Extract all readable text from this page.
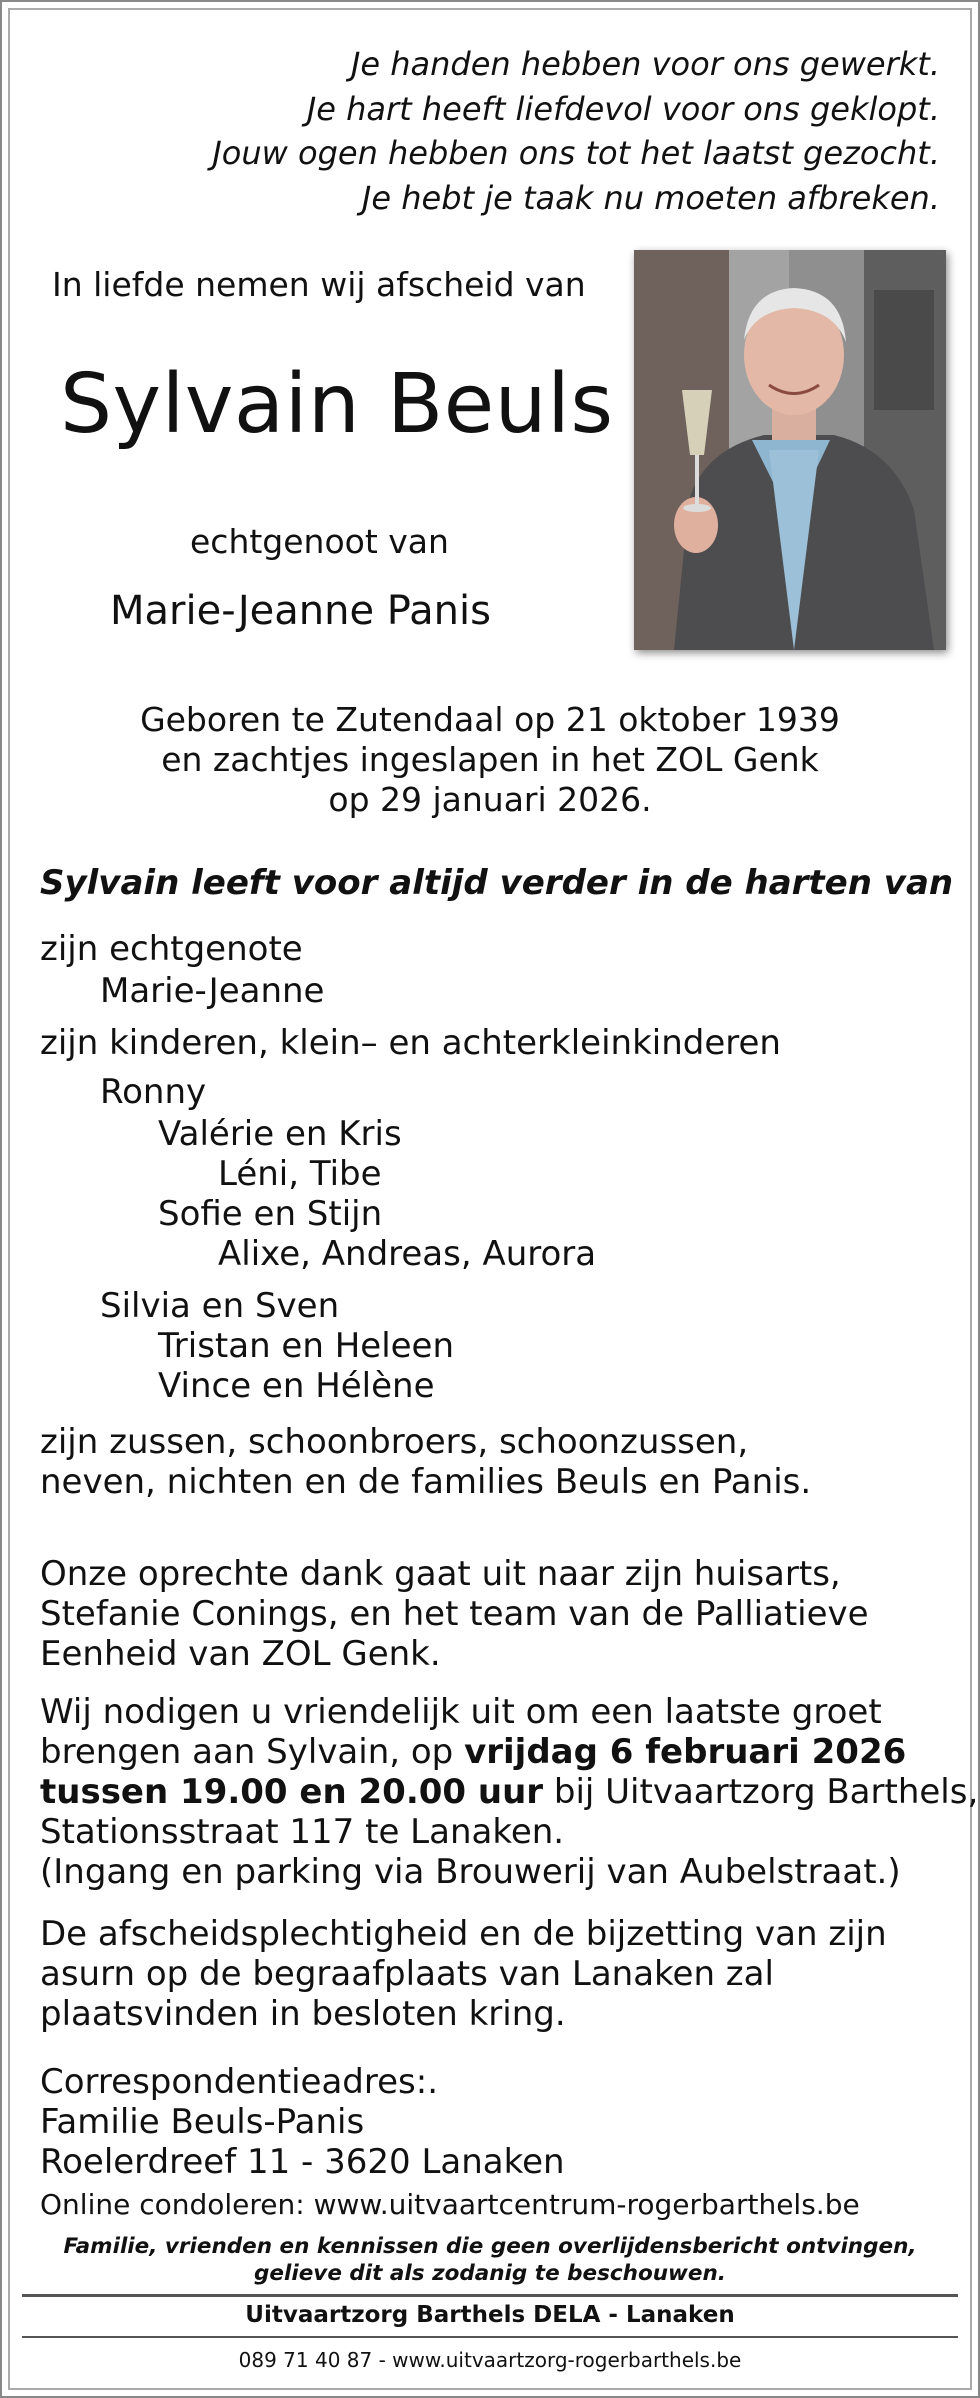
Je handen hebben voor ons gewerkt.
Je hart heeft liefdevol voor ons geklopt.
Jouw ogen hebben ons tot het laatst gezocht.
Je hebt je taak nu moeten afbreken.
In liefde nemen wij afscheid van
Sylvain Beuls
echtgenoot van
Marie-Jeanne Panis
Geboren te Zutendaal op 21 oktober 1939
en zachtjes ingeslapen in het ZOL Genk
op 29 januari 2026.
Sylvain leeft voor altijd verder in de harten van

zijn echtgenote

Marie-Jeanne

zijn kinderen, klein– en achterkleinkinderen

Ronny

Valérie en Kris

Léni, Tibe

Sofie en Stijn

Alixe, Andreas, Aurora

Silvia en Sven

Tristan en Heleen

Vince en Hélène

zijn zussen, schoonbroers, schoonzussen,

neven, nichten en de families Beuls en Panis.

Onze oprechte dank gaat uit naar zijn huisarts,
Stefanie Conings, en het team van de Palliatieve
Eenheid van ZOL Genk.
Wij nodigen u vriendelijk uit om een laatste groet
brengen aan Sylvain, op vrijdag 6 februari 2026
tussen 19.00 en 20.00 uur bij Uitvaartzorg Barthels,
Stationsstraat 117 te Lanaken.
(Ingang en parking via Brouwerij van Aubelstraat.)
De afscheidsplechtigheid en de bijzetting van zijn
asurn op de begraafplaats van Lanaken zal
plaatsvinden in besloten kring.
Correspondentieadres:.
Familie Beuls-Panis
Roelerdreef 11 - 3620 Lanaken
Online condoleren: www.uitvaartcentrum-rogerbarthels.be
Familie, vrienden en kennissen die geen overlijdensbericht ontvingen,
gelieve dit als zodanig te beschouwen.
Uitvaartzorg Barthels DELA - Lanaken
089 71 40 87 - www.uitvaartzorg-rogerbarthels.be
